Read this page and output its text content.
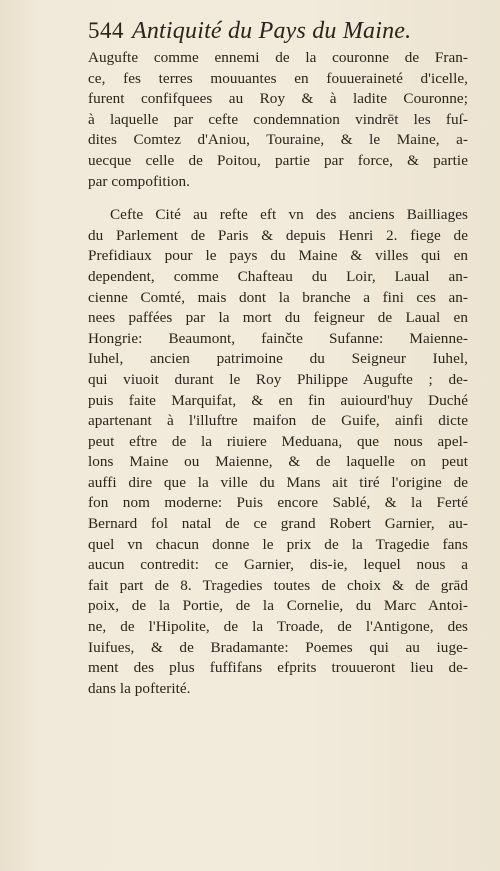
544 Antiquité du Pays du Maine.
Augufte comme ennemi de la couronne de Fran-
ce, fes terres mouuantes en fouueraineté d'icelle,
furent confifquees au Roy & à ladite Couronne;
à laquelle par cefte condemnation vindrēt les fuſ-
dites Comtez d'Aniou, Touraine, & le Maine, a-
uecque celle de Poitou, partie par force, & partie
par compofition.
Cefte Cité au refte eft vn des anciens Bailliages
du Parlement de Paris & depuis Henri 2. fiege de
Prefidiaux pour le pays du Maine & villes qui en
dependent, comme Chafteau du Loir, Laual an-
cienne Comté, mais dont la branche a fini ces an-
nees paffées par la mort du feigneur de Laual en
Hongrie: Beaumont, fainčte Sufanne: Maienne-
Iuhel, ancien patrimoine du Seigneur Iuhel,
qui viuoit durant le Roy Philippe Augufte ; de-
puis faite Marquifat, & en fin auiourd'huy Duché
apartenant à l'illuftre maifon de Guife, ainfi dicte
peut eftre de la riuiere Meduana, que nous apel-
lons Maine ou Maienne, & de laquelle on peut
auffi dire que la ville du Mans ait tiré l'origine de
fon nom moderne: Puis encore Sablé, & la Ferté
Bernard fol natal de ce grand Robert Garnier, au-
quel vn chacun donne le prix de la Tragedie fans
aucun contredit: ce Garnier, dis-ie, lequel nous a
fait part de 8. Tragedies toutes de choix & de grād
poix, de la Portie, de la Cornelie, du Marc Antoi-
ne, de l'Hipolite, de la Troade, de l'Antigone, des
Iuifues, & de Bradamante: Poemes qui au iuge-
ment des plus fuffifans efprits trouueront lieu de-
dans la pofterité.
